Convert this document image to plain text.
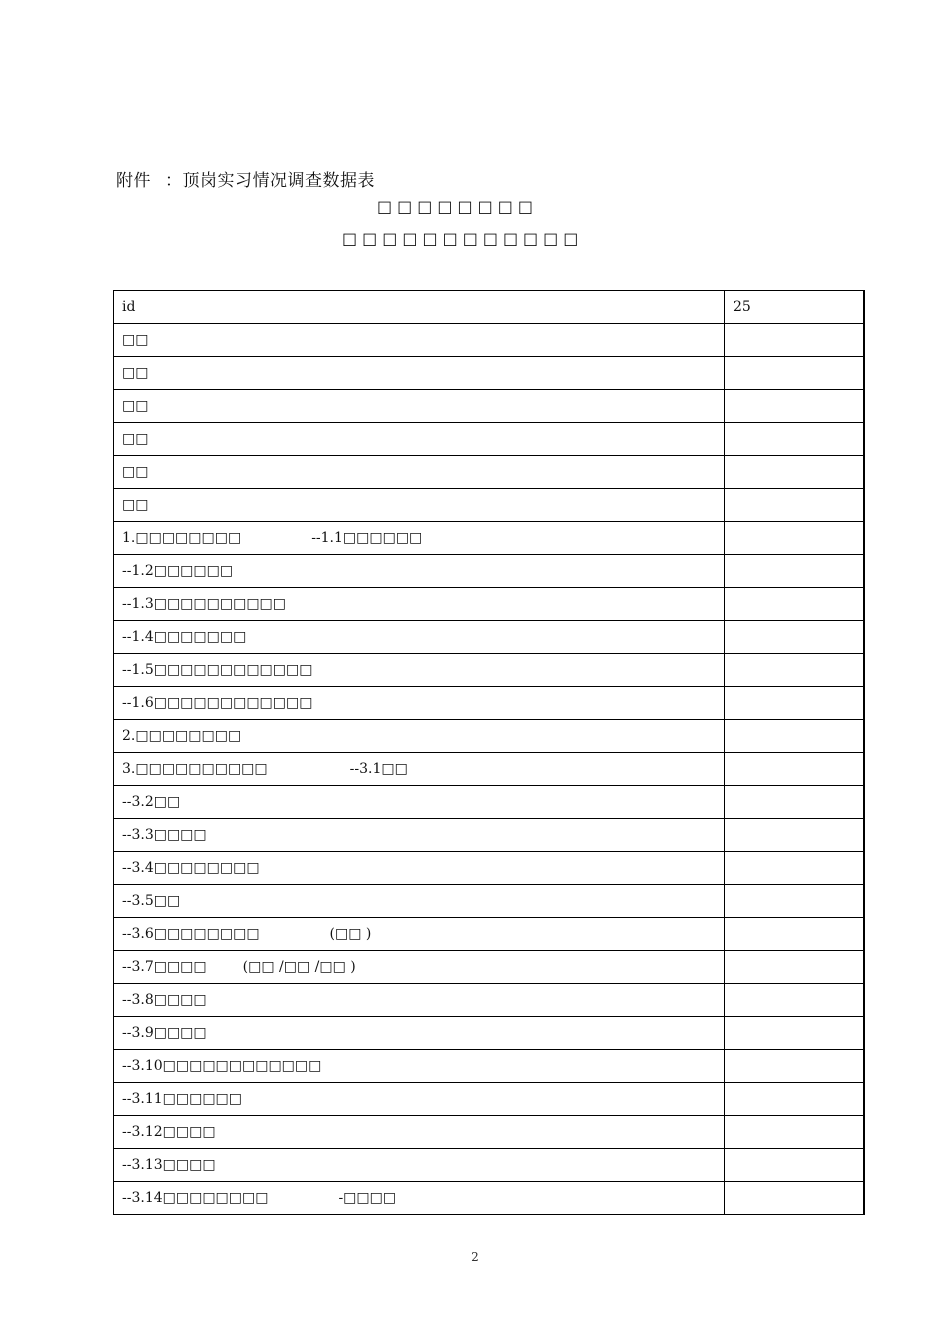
附件 ：顶岗实习情况调查数据表
□□□□□□□□
□□□□□□□□□□□□
id	25
□□	
□□	
□□	
□□	
□□	
□□	
1.□□□□□□□□ --1.1□□□□□□	
--1.2□□□□□□	
--1.3□□□□□□□□□□	
--1.4□□□□□□□	
--1.5□□□□□□□□□□□□	
--1.6□□□□□□□□□□□□	
2.□□□□□□□□	
3.□□□□□□□□□□ --3.1□□	
--3.2□□	
--3.3□□□□	
--3.4□□□□□□□□	
--3.5□□	
--3.6□□□□□□□□ (□□ )	
--3.7□□□□ (□□ /□□ /□□ )	
--3.8□□□□	
--3.9□□□□	
--3.10□□□□□□□□□□□□	
--3.11□□□□□□	
--3.12□□□□	
--3.13□□□□	
--3.14□□□□□□□□ -□□□□	
2
